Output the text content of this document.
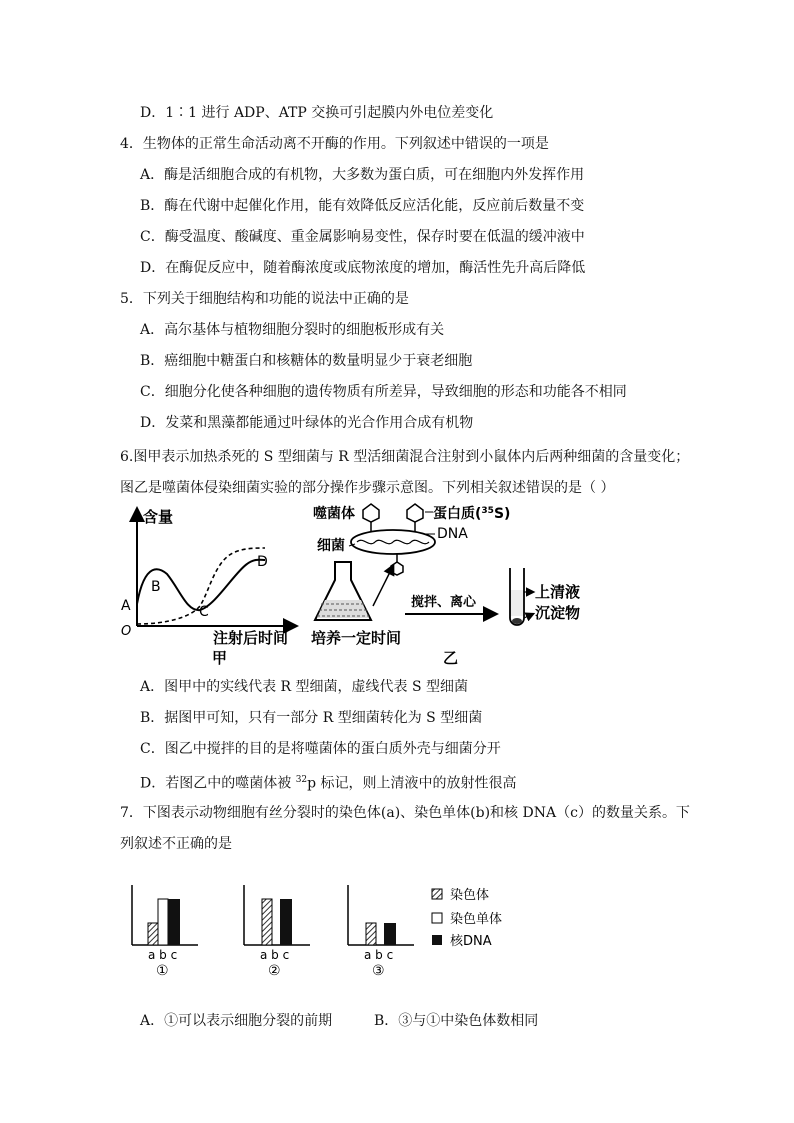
D．1∶1 进行 ADP、ATP 交换可引起膜内外电位差变化
4．生物体的正常生命活动离不开酶的作用。下列叙述中错误的一项是
A．酶是活细胞合成的有机物，大多数为蛋白质，可在细胞内外发挥作用
B．酶在代谢中起催化作用，能有效降低反应活化能，反应前后数量不变
C．酶受温度、酸碱度、重金属影响易变性，保存时要在低温的缓冲液中
D．在酶促反应中，随着酶浓度或底物浓度的增加，酶活性先升高后降低
5．下列关于细胞结构和功能的说法中正确的是
A．高尔基体与植物细胞分裂时的细胞板形成有关
B．癌细胞中糖蛋白和核糖体的数量明显少于衰老细胞
C．细胞分化使各种细胞的遗传物质有所差异，导致细胞的形态和功能各不相同
D．发菜和黑藻都能通过叶绿体的光合作用合成有机物
6.图甲表示加热杀死的 S 型细菌与 R 型活细菌混合注射到小鼠体内后两种细菌的含量变化；
图乙是噬菌体侵染细菌实验的部分操作步骤示意图。下列相关叙述错误的是（ ）
含量
O
A
B
C
D
注射后时间
甲
噬菌体	蛋白质($^{35}$S)
DNA
细菌
培养一定时间
搅拌、离心
上清液
沉淀物
乙
A．图甲中的实线代表 R 型细菌，虚线代表 S 型细菌
B．据图甲可知，只有一部分 R 型细菌转化为 S 型细菌
C．图乙中搅拌的目的是将噬菌体的蛋白质外壳与细菌分开
D．若图乙中的噬菌体被 $^{32}$p 标记，则上清液中的放射性很高
7．下图表示动物细胞有丝分裂时的染色体(a)、染色单体(b)和核 DNA（c）的数量关系。下
列叙述不正确的是
a b c
①
a b c
②
a b c
③
染色体
染色单体
核DNA
A．①可以表示细胞分裂的前期	B．③与①中染色体数相同
